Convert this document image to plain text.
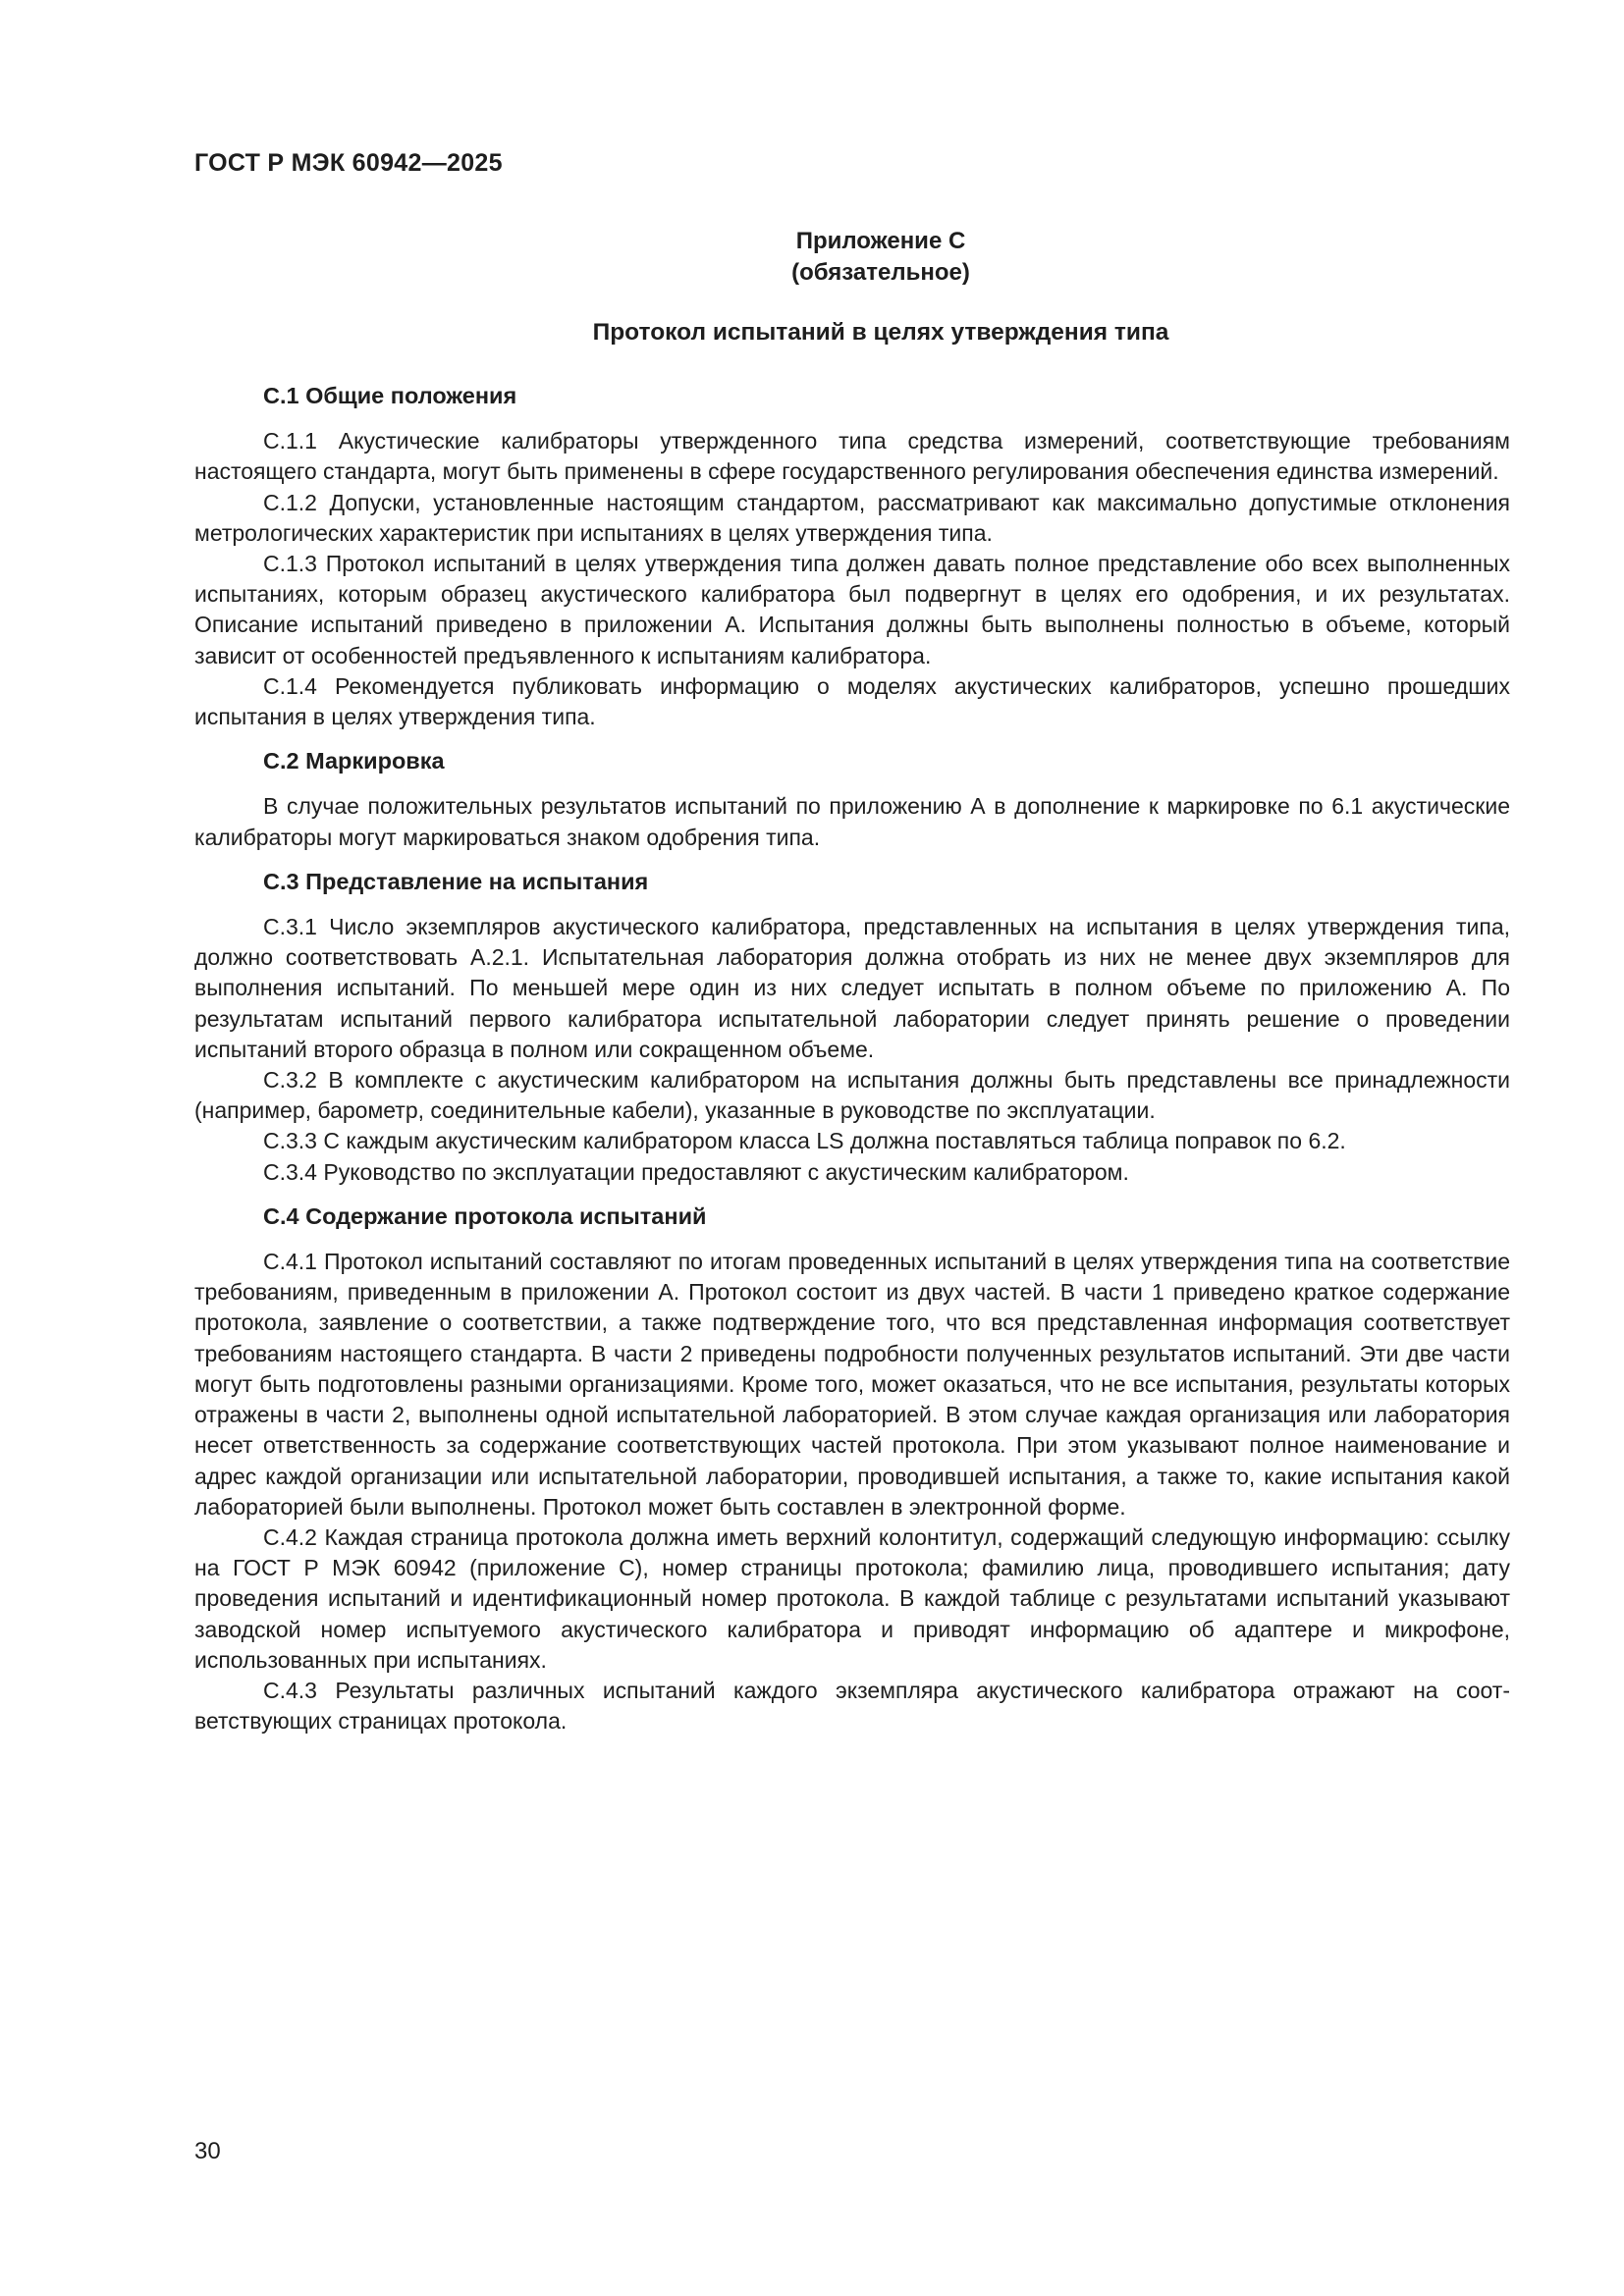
ГОСТ Р МЭК 60942—2025
Приложение С
(обязательное)
Протокол испытаний в целях утверждения типа

С.1 Общие положения

С.1.1 Акустические калибраторы утвержденного типа средства измерений, соответствующие требованиям настоящего стандарта, могут быть применены в сфере государственного регулирования обеспечения единства измерений.

С.1.2 Допуски, установленные настоящим стандартом, рассматривают как максимально допустимые отклонения метрологических характеристик при испытаниях в целях утверждения типа.

С.1.3 Протокол испытаний в целях утверждения типа должен давать полное представление обо всех выполненных испытаниях, которым образец акустического калибратора был подвергнут в целях его одобрения, и их результатах. Описание испытаний приведено в приложении А. Испытания должны быть выполнены полностью в объеме, который зависит от особенностей предъявленного к испытаниям калибратора.

С.1.4 Рекомендуется публиковать информацию о моделях акустических калибраторов, успешно прошедших испытания в целях утверждения типа.

С.2 Маркировка

В случае положительных результатов испытаний по приложению А в дополнение к маркировке по 6.1 акустические калибраторы могут маркироваться знаком одобрения типа.

С.3 Представление на испытания

С.3.1 Число экземпляров акустического калибратора, представленных на испытания в целях утверждения типа, должно соответствовать А.2.1. Испытательная лаборатория должна отобрать из них не менее двух экземпляров для выполнения испытаний. По меньшей мере один из них следует испытать в полном объеме по приложению А. По результатам испытаний первого калибратора испытательной лаборатории следует принять решение о проведении испытаний второго образца в полном или сокращенном объеме.

С.3.2 В комплекте с акустическим калибратором на испытания должны быть представлены все принадлежности (например, барометр, соединительные кабели), указанные в руководстве по эксплуатации.

С.3.3 С каждым акустическим калибратором класса LS должна поставляться таблица поправок по 6.2.

С.3.4 Руководство по эксплуатации предоставляют с акустическим калибратором.

С.4 Содержание протокола испытаний

С.4.1 Протокол испытаний составляют по итогам проведенных испытаний в целях утверждения типа на соответствие требованиям, приведенным в приложении А. Протокол состоит из двух частей. В части 1 приведено краткое содержание протокола, заявление о соответствии, а также подтверждение того, что вся представленная информация соответствует требованиям настоящего стандарта. В части 2 приведены подробности полученных результатов испытаний. Эти две части могут быть подготовлены разными организациями. Кроме того, может оказаться, что не все испытания, результаты которых отражены в части 2, выполнены одной испытательной лабораторией. В этом случае каждая организация или лаборатория несет ответственность за содержание соответствующих частей протокола. При этом указывают полное наименование и адрес каждой организации или испытательной лаборатории, проводившей испытания, а также то, какие испытания какой лабораторией были выполнены. Протокол может быть составлен в электронной форме.

С.4.2 Каждая страница протокола должна иметь верхний колонтитул, содержащий следующую информацию: ссылку на ГОСТ Р МЭК 60942 (приложение С), номер страницы протокола; фамилию лица, проводившего испытания; дату проведения испытаний и идентификационный номер протокола. В каждой таблице с результатами испытаний указывают заводской номер испытуемого акустического калибратора и приводят информацию об адаптере и микрофоне, использованных при испытаниях.

С.4.3 Результаты различных испытаний каждого экземпляра акустического калибратора отражают на соответствующих страницах протокола.

30
